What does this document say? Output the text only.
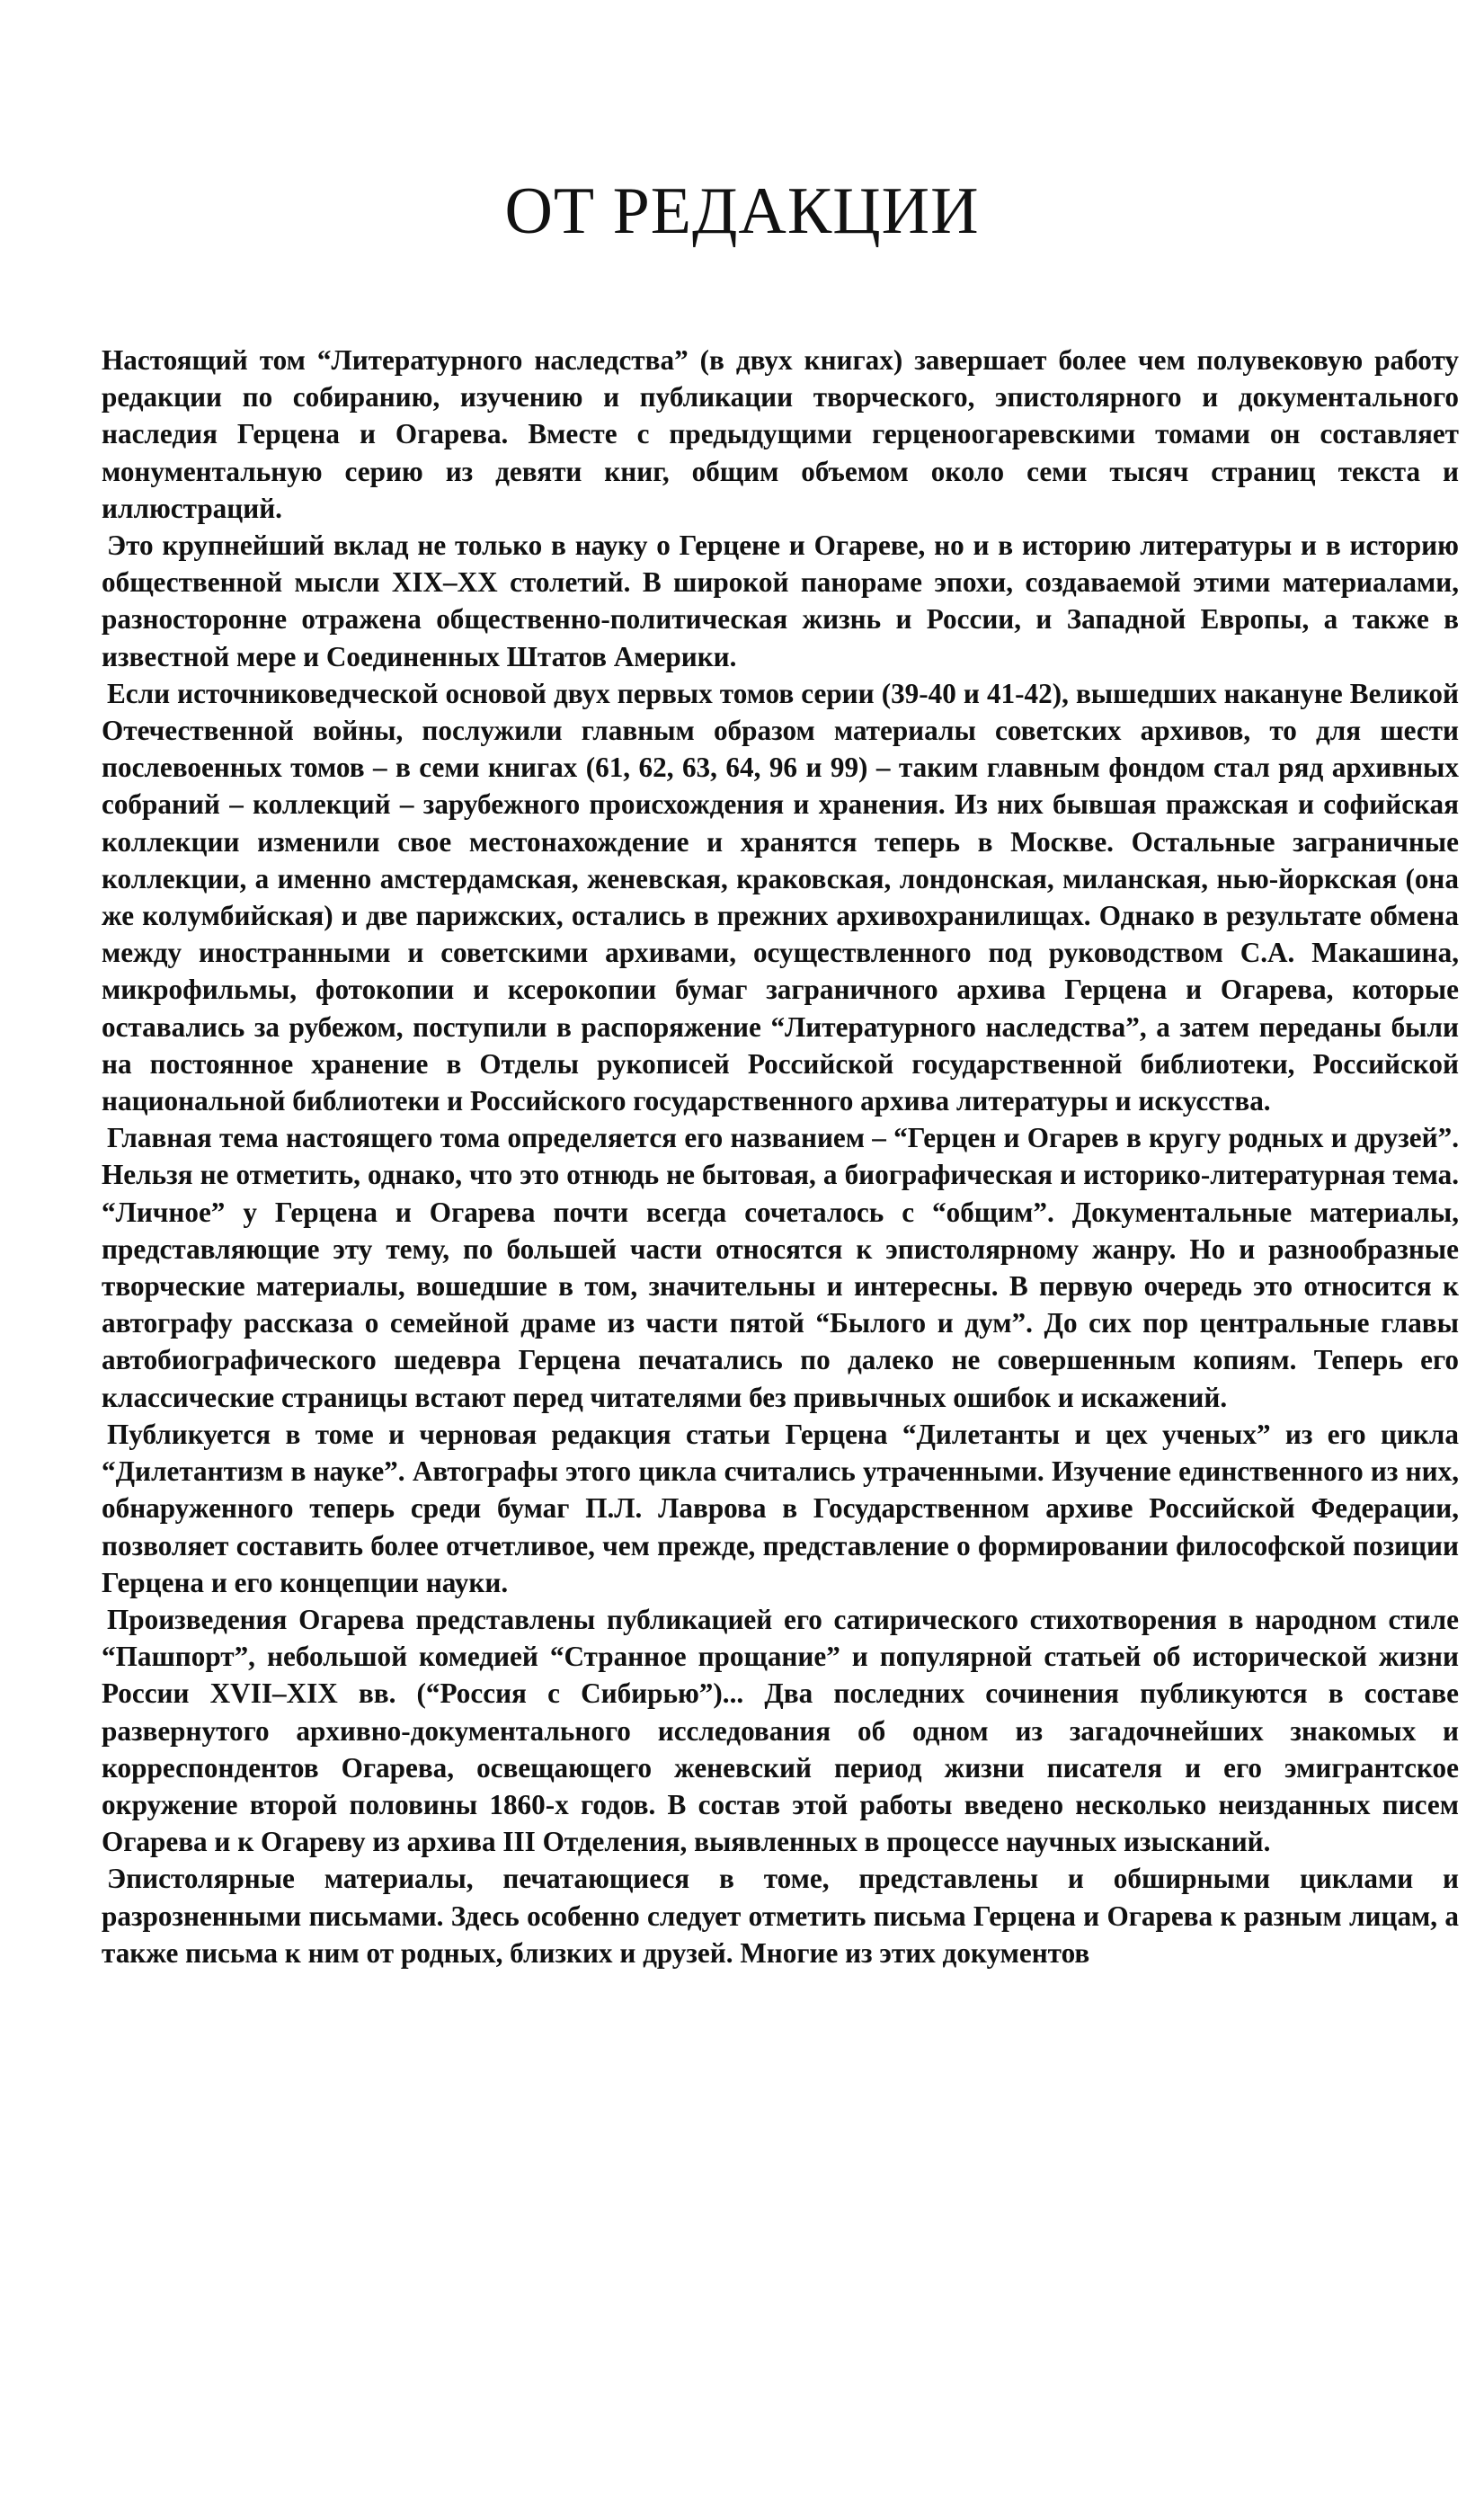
ОТ РЕДАКЦИИ

Настоящий том “Литературного наследства” (в двух книгах) завершает более чем полувековую работу редакции по собиранию, изучению и публикации творческого, эпистолярного и документального наследия Герцена и Огарева. Вместе с предыдущими герценоогаревскими томами он составляет монументальную серию из девяти книг, общим объемом около семи тысяч страниц текста и иллюстраций.

Это крупнейший вклад не только в науку о Герцене и Огареве, но и в историю литературы и в историю общественной мысли XIX–XX столетий. В широкой панораме эпохи, создаваемой этими материалами, разносторонне отражена общественно-политическая жизнь и России, и Западной Европы, а также в известной мере и Соединенных Штатов Америки.

Если источниковедческой основой двух первых томов серии (39-40 и 41-42), вышедших накануне Великой Отечественной войны, послужили главным образом материалы советских архивов, то для шести послевоенных томов – в семи книгах (61, 62, 63, 64, 96 и 99) – таким главным фондом стал ряд архивных собраний – коллекций – зарубежного происхождения и хранения. Из них бывшая пражская и софийская коллекции изменили свое местонахождение и хранятся теперь в Москве. Остальные заграничные коллекции, а именно амстердамская, женевская, краковская, лондонская, миланская, нью-йоркская (она же колумбийская) и две парижских, остались в прежних архивохранилищах. Однако в результате обмена между иностранными и советскими архивами, осуществленного под руководством С.А. Макашина, микрофильмы, фотокопии и ксерокопии бумаг заграничного архива Герцена и Огарева, которые оставались за рубежом, поступили в распоряжение “Литературного наследства”, а затем переданы были на постоянное хранение в Отделы рукописей Российской государственной библиотеки, Российской национальной библиотеки и Российского государственного архива литературы и искусства.

Главная тема настоящего тома определяется его названием – “Герцен и Огарев в кругу родных и друзей”. Нельзя не отметить, однако, что это отнюдь не бытовая, а биографическая и историко-литературная тема. “Личное” у Герцена и Огарева почти всегда сочеталось с “общим”. Документальные материалы, представляющие эту тему, по большей части относятся к эпистолярному жанру. Но и разнообразные творческие материалы, вошедшие в том, значительны и интересны. В первую очередь это относится к автографу рассказа о семейной драме из части пятой “Былого и дум”. До сих пор центральные главы автобиографического шедевра Герцена печатались по далеко не совершенным копиям. Теперь его классические страницы встают перед читателями без привычных ошибок и искажений.

Публикуется в томе и черновая редакция статьи Герцена “Дилетанты и цех ученых” из его цикла “Дилетантизм в науке”. Автографы этого цикла считались утраченными. Изучение единственного из них, обнаруженного теперь среди бумаг П.Л. Лаврова в Государственном архиве Российской Федерации, позволяет составить более отчетливое, чем прежде, представление о формировании философской позиции Герцена и его концепции науки.

Произведения Огарева представлены публикацией его сатирического стихотворения в народном стиле “Пашпорт”, небольшой комедией “Странное прощание” и популярной статьей об исторической жизни России XVII–XIX вв. (“Россия с Сибирью”)... Два последних сочинения публикуются в составе развернутого архивно-документального исследования об одном из загадочнейших знакомых и корреспондентов Огарева, освещающего женевский период жизни писателя и его эмигрантское окружение второй половины 1860-х годов. В состав этой работы введено несколько неизданных писем Огарева и к Огареву из архива III Отделения, выявленных в процессе научных изысканий.

Эпистолярные материалы, печатающиеся в томе, представлены и обширными циклами и разрозненными письмами. Здесь особенно следует отметить письма Герцена и Огарева к разным лицам, а также письма к ним от родных, близких и друзей. Многие из этих документов
